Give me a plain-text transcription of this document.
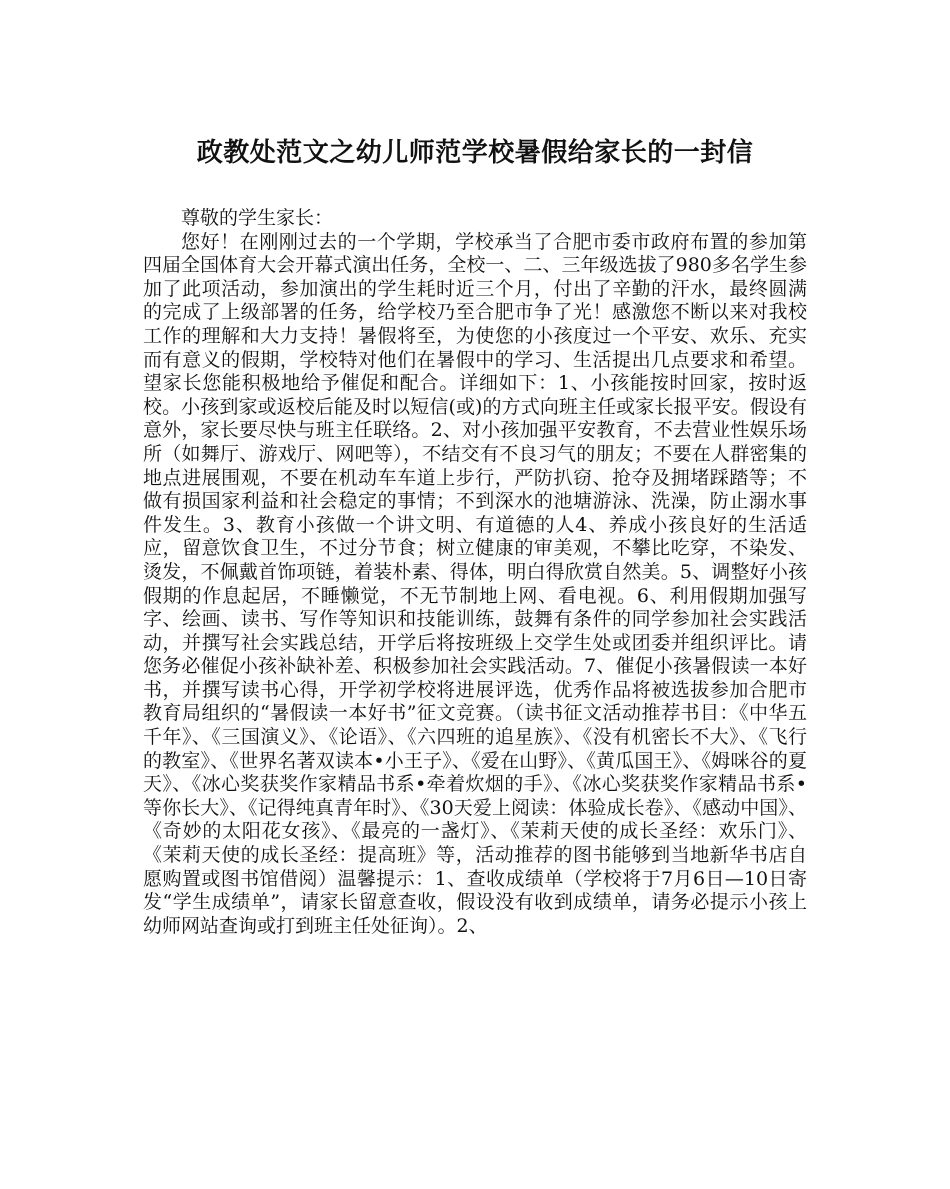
政教处范文之幼儿师范学校暑假给家长的一封信

尊敬的学生家长：

您好！在刚刚过去的一个学期，学校承当了合肥市委市政府布置的参加第四届全国体育大会开幕式演出任务，全校一、二、三年级选拔了980多名学生参加了此项活动，参加演出的学生耗时近三个月，付出了辛勤的汗水，最终圆满的完成了上级部署的任务，给学校乃至合肥市争了光！感激您不断以来对我校工作的理解和大力支持！暑假将至，为使您的小孩度过一个平安、欢乐、充实而有意义的假期，学校特对他们在暑假中的学习、生活提出几点要求和希望。望家长您能积极地给予催促和配合。详细如下：1、小孩能按时回家，按时返校。小孩到家或返校后能及时以短信(或)的方式向班主任或家长报平安。假设有意外，家长要尽快与班主任联络。2、对小孩加强平安教育，不去营业性娱乐场所（如舞厅、游戏厅、网吧等），不结交有不良习气的朋友；不要在人群密集的地点进展围观，不要在机动车车道上步行，严防扒窃、抢夺及拥堵踩踏等；不做有损国家利益和社会稳定的事情；不到深水的池塘游泳、洗澡，防止溺水事件发生。3、教育小孩做一个讲文明、有道德的人4、养成小孩良好的生活适应，留意饮食卫生，不过分节食；树立健康的审美观，不攀比吃穿，不染发、烫发，不佩戴首饰项链，着装朴素、得体，明白得欣赏自然美。5、调整好小孩假期的作息起居，不睡懒觉，不无节制地上网、看电视。6、利用假期加强写字、绘画、读书、写作等知识和技能训练，鼓舞有条件的同学参加社会实践活动，并撰写社会实践总结，开学后将按班级上交学生处或团委并组织评比。请您务必催促小孩补缺补差、积极参加社会实践活动。7、催促小孩暑假读一本好书，并撰写读书心得，开学初学校将进展评选，优秀作品将被选拔参加合肥市教育局组织的“暑假读一本好书”征文竞赛。（读书征文活动推荐书目：《中华五千年》、《三国演义》、《论语》、《六四班的追星族》、《没有机密长不大》、《飞行的教室》、《世界名著双读本•小王子》、《爱在山野》、《黄瓜国王》、《姆咪谷的夏天》、《冰心奖获奖作家精品书系•牵着炊烟的手》、《冰心奖获奖作家精品书系•等你长大》、《记得纯真青年时》、《30天爱上阅读：体验成长卷》、《感动中国》、《奇妙的太阳花女孩》、《最亮的一盏灯》、《茉莉天使的成长圣经：欢乐门》、《茉莉天使的成长圣经：提高班》等，活动推荐的图书能够到当地新华书店自愿购置或图书馆借阅）温馨提示：1、查收成绩单（学校将于7月6日—10日寄发“学生成绩单”，请家长留意查收，假设没有收到成绩单，请务必提示小孩上幼师网站查询或打到班主任处征询）。2、
